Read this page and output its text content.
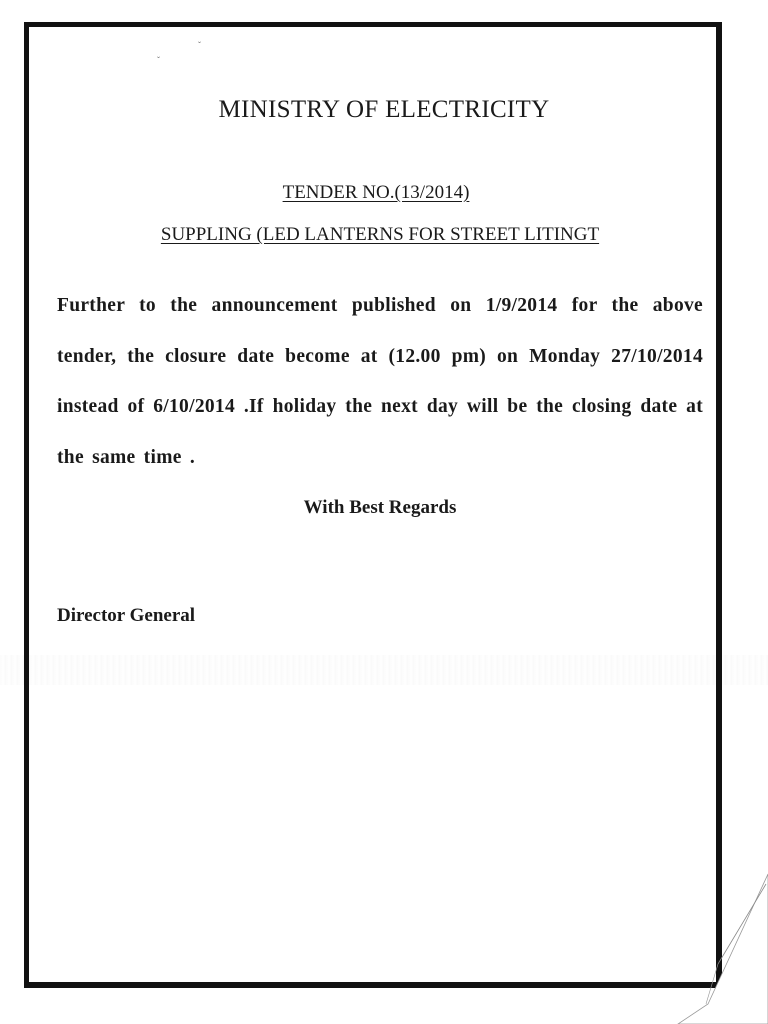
ˇ
ˇ
MINISTRY OF ELECTRICITY
TENDER NO.(13/2014)
SUPPLING (LED LANTERNS FOR STREET LITINGT

Further to the announcement published on 1/9/2014 for the above tender, the closure date become at (12.00 pm) on Monday 27/10/2014 instead of 6/10/2014 .If holiday the next day will be the closing date at the same time .

With Best Regards
Director General
